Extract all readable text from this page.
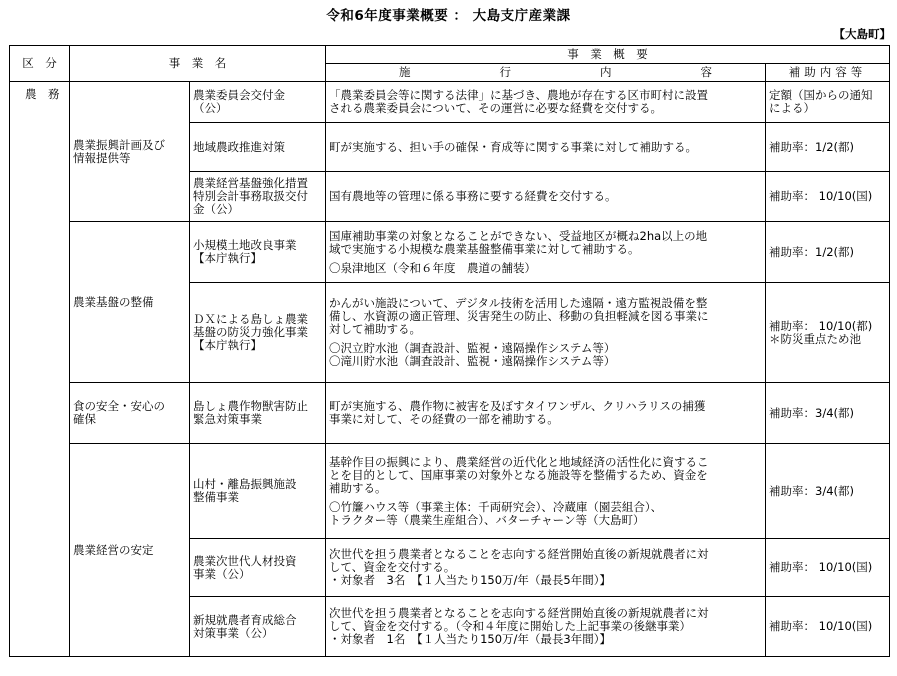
令和6年度事業概要 ： 大島支庁産業課
【大島町】
区　分	事　業　名		事　業　概　要	

			施 行 内 容	補助内容等

農　務	農業振興計画及び
情報提供等	農業委員会交付金
（公）	「農業委員会等に関する法律」に基づき、農地が存在する区市町村に設置
される農業委員会について、その運営に必要な経費を交付する。	定額（国からの通知
による）

		地域農政推進対策	町が実施する、担い手の確保・育成等に関する事業に対して補助する。	補助率：1/2(都)

		農業経営基盤強化措置
特別会計事務取扱交付
金（公）	国有農地等の管理に係る事務に要する経費を交付する。	補助率： 10/10(国)

	農業基盤の整備	小規模土地改良事業
【本庁執行】	国庫補助事業の対象となることができない、受益地区が概ね2ha以上の地
域で実施する小規模な農業基盤整備事業に対して補助する。
〇泉津地区（令和６年度　農道の舗装）	補助率：1/2(都)

		ＤＸによる島しょ農業
基盤の防災力強化事業
【本庁執行】	かんがい施設について、デジタル技術を活用した遠隔・遠方監視設備を整
備し、水資源の適正管理、災害発生の防止、移動の負担軽減を図る事業に
対して補助する。
〇沢立貯水池（調査設計、監視・遠隔操作システム等）
〇滝川貯水池（調査設計、監視・遠隔操作システム等）	補助率： 10/10(都)
＊防災重点ため池

	食の安全・安心の
確保	島しょ農作物獣害防止
緊急対策事業	町が実施する、農作物に被害を及ぼすタイワンザル、クリハラリスの捕獲
事業に対して、その経費の一部を補助する。	補助率：3/4(都)

	農業経営の安定	山村・離島振興施設
整備事業	基幹作目の振興により、農業経営の近代化と地域経済の活性化に資するこ
とを目的として、国庫事業の対象外となる施設等を整備するため、資金を
補助する。
〇竹簾ハウス等（事業主体：千両研究会）、冷蔵庫（園芸組合）、
トラクター等（農業生産組合）、バターチャーン等（大島町）	補助率：3/4(都)

		農業次世代人材投資
事業（公）	次世代を担う農業者となることを志向する経営開始直後の新規就農者に対
して、資金を交付する。
・対象者　3名　【１人当たり150万/年（最長5年間）】	補助率： 10/10(国)

		新規就農者育成総合
対策事業（公）	次世代を担う農業者となることを志向する経営開始直後の新規就農者に対
して、資金を交付する。（令和４年度に開始した上記事業の後継事業）
・対象者　1名　【１人当たり150万/年（最長3年間）】	補助率： 10/10(国)
